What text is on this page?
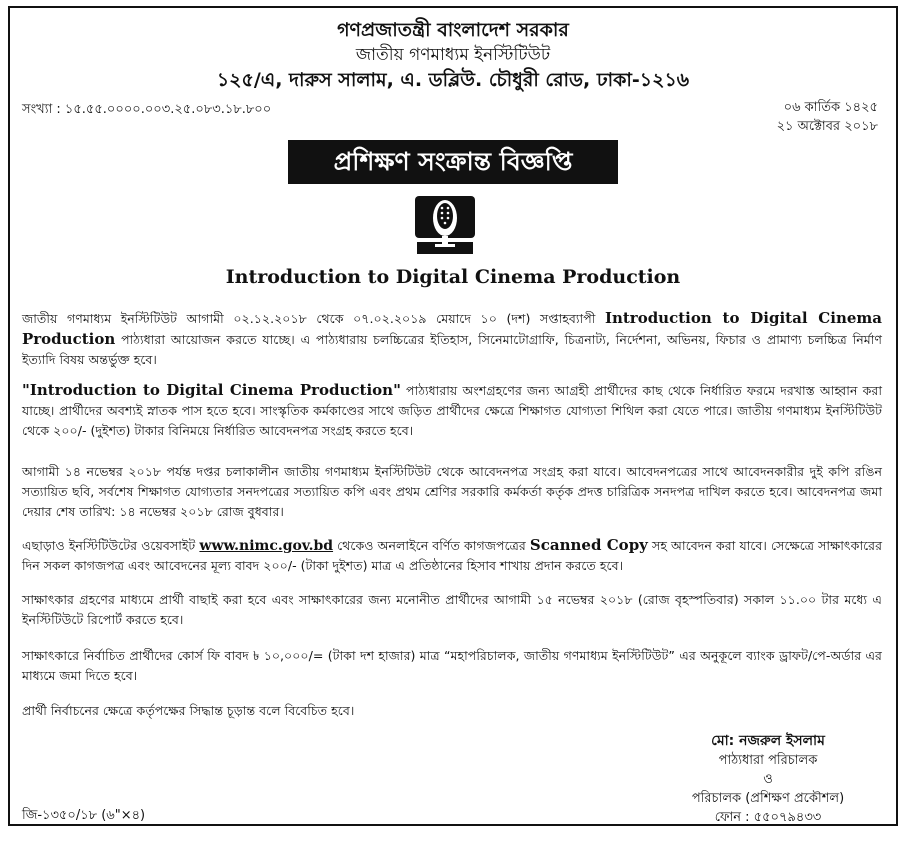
গণপ্রজাতন্ত্রী বাংলাদেশ সরকার
জাতীয় গণমাধ্যম ইনস্টিটিউট
১২৫/এ, দারুস সালাম, এ. ডব্লিউ. চৌধুরী রোড, ঢাকা-১২১৬
সংখ্যা : ১৫.৫৫.০০০০.০০৩.২৫.০৮৩.১৮.৮০০	০৬ কার্তিক ১৪২৫
২১ অক্টোবর ২০১৮
প্রশিক্ষণ সংক্রান্ত বিজ্ঞপ্তি
Introduction to Digital Cinema Production
জাতীয় গণমাধ্যম ইনস্টিটিউট আগামী ০২.১২.২০১৮ থেকে ০৭.০২.২০১৯ মেয়াদে ১০ (দশ) সপ্তাহব্যাপী Introduction to Digital Cinema Production পাঠ্যধারা আয়োজন করতে যাচ্ছে। এ পাঠ্যধারায় চলচ্চিত্রের ইতিহাস, সিনেমাটোগ্রাফি, চিত্রনাট্য, নির্দেশনা, অভিনয়, ফিচার ও প্রামাণ্য চলচ্চিত্র নির্মাণ ইত্যাদি বিষয় অন্তর্ভুক্ত হবে।
"Introduction to Digital Cinema Production" পাঠ্যধারায় অংশগ্রহণের জন্য আগ্রহী প্রার্থীদের কাছ থেকে নির্ধারিত ফরমে দরখাস্ত আহ্বান করা যাচ্ছে। প্রার্থীদের অবশ্যই স্নাতক পাস হতে হবে। সাংস্কৃতিক কর্মকাণ্ডের সাথে জড়িত প্রার্থীদের ক্ষেত্রে শিক্ষাগত যোগ্যতা শিথিল করা যেতে পারে। জাতীয় গণমাধ্যম ইনস্টিটিউট থেকে ২০০/- (দুইশত) টাকার বিনিময়ে নির্ধারিত আবেদনপত্র সংগ্রহ করতে হবে।
আগামী ১৪ নভেম্বর ২০১৮ পর্যন্ত দপ্তর চলাকালীন জাতীয় গণমাধ্যম ইনস্টিটিউট থেকে আবেদনপত্র সংগ্রহ করা যাবে। আবেদনপত্রের সাথে আবেদনকারীর দুই কপি রঙিন সত্যায়িত ছবি, সর্বশেষ শিক্ষাগত যোগ্যতার সনদপত্রের সত্যায়িত কপি এবং প্রথম শ্রেণির সরকারি কর্মকর্তা কর্তৃক প্রদত্ত চারিত্রিক সনদপত্র দাখিল করতে হবে। আবেদনপত্র জমা দেয়ার শেষ তারিখ: ১৪ নভেম্বর ২০১৮ রোজ বুধবার।
এছাড়াও ইনস্টিটিউটের ওয়েবসাইট www.nimc.gov.bd থেকেও অনলাইনে বর্ণিত কাগজপত্রের Scanned Copy সহ আবেদন করা যাবে। সেক্ষেত্রে সাক্ষাৎকারের দিন সকল কাগজপত্র এবং আবেদনের মূল্য বাবদ ২০০/- (টাকা দুইশত) মাত্র এ প্রতিষ্ঠানের হিসাব শাখায় প্রদান করতে হবে।
সাক্ষাৎকার গ্রহণের মাধ্যমে প্রার্থী বাছাই করা হবে এবং সাক্ষাৎকারের জন্য মনোনীত প্রার্থীদের আগামী ১৫ নভেম্বর ২০১৮ (রোজ বৃহস্পতিবার) সকাল ১১.০০ টার মধ্যে এ ইনস্টিটিউটে রিপোর্ট করতে হবে।
সাক্ষাৎকারে নির্বাচিত প্রার্থীদের কোর্স ফি বাবদ ৳ ১০,০০০/= (টাকা দশ হাজার) মাত্র “মহাপরিচালক, জাতীয় গণমাধ্যম ইনস্টিটিউট” এর অনুকূলে ব্যাংক ড্রাফট/পে-অর্ডার এর মাধ্যমে জমা দিতে হবে।
প্রার্থী নির্বাচনের ক্ষেত্রে কর্তৃপক্ষের সিদ্ধান্ত চূড়ান্ত বলে বিবেচিত হবে।
মো: নজরুল ইসলাম
পাঠ্যধারা পরিচালক
ও
পরিচালক (প্রশিক্ষণ প্রকৌশল)
ফোন : ৫৫০৭৯৪৩৩
জি-১৩৫০/১৮ (৬"×৪)
